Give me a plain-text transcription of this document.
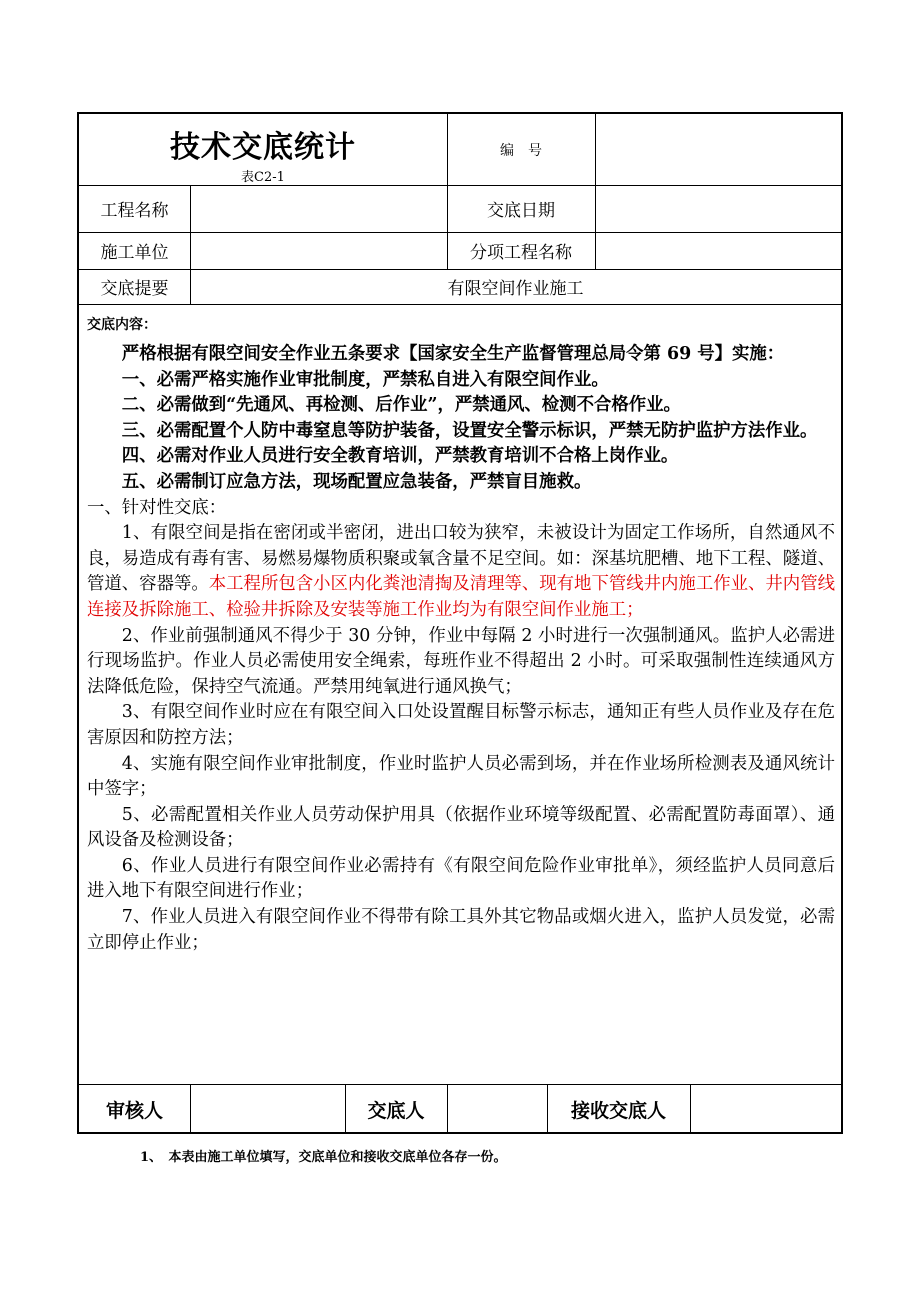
技术交底统计
表C2-1
编　号
工程名称	交底日期
施工单位	分项工程名称
交底提要	有限空间作业施工

交底内容：

严格根据有限空间安全作业五条要求【国家安全生产监督管理总局令第 69 号】实施：

一、必需严格实施作业审批制度，严禁私自进入有限空间作业。

二、必需做到“先通风、再检测、后作业”，严禁通风、检测不合格作业。

三、必需配置个人防中毒窒息等防护装备，设置安全警示标识，严禁无防护监护方法作业。

四、必需对作业人员进行安全教育培训，严禁教育培训不合格上岗作业。

五、必需制订应急方法，现场配置应急装备，严禁盲目施救。

一、针对性交底：

1、有限空间是指在密闭或半密闭，进出口较为狭窄，未被设计为固定工作场所，自然通风不良，易造成有毒有害、易燃易爆物质积聚或氧含量不足空间。如：深基坑肥槽、地下工程、隧道、管道、容器等。本工程所包含小区内化粪池清掏及清理等、现有地下管线井内施工作业、井内管线连接及拆除施工、检验井拆除及安装等施工作业均为有限空间作业施工；

2、作业前强制通风不得少于 30 分钟，作业中每隔 2 小时进行一次强制通风。监护人必需进行现场监护。作业人员必需使用安全绳索，每班作业不得超出 2 小时。可采取强制性连续通风方法降低危险，保持空气流通。严禁用纯氧进行通风换气；

3、有限空间作业时应在有限空间入口处设置醒目标警示标志，通知正有些人员作业及存在危害原因和防控方法；

4、实施有限空间作业审批制度，作业时监护人员必需到场，并在作业场所检测表及通风统计中签字；

5、必需配置相关作业人员劳动保护用具（依据作业环境等级配置、必需配置防毒面罩）、通风设备及检测设备；

6、作业人员进行有限空间作业必需持有《有限空间危险作业审批单》，须经监护人员同意后进入地下有限空间进行作业；

7、作业人员进入有限空间作业不得带有除工具外其它物品或烟火进入，监护人员发觉，必需立即停止作业；

审核人	交底人	接收交底人
1、　本表由施工单位填写，交底单位和接收交底单位各存一份。
